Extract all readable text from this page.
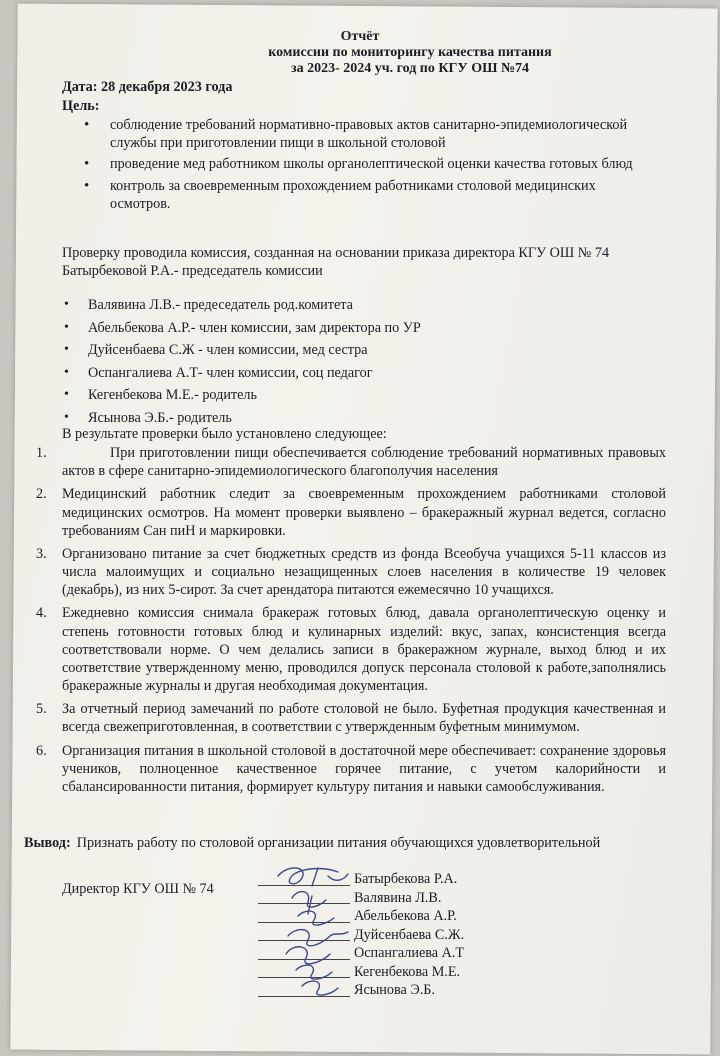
Отчёт
комиссии по мониторингу качества питания
за 2023- 2024 уч. год по КГУ ОШ №74
Дата: 28 декабря 2023 года
Цель:
• соблюдение требований нормативно-правовых актов санитарно-эпидемиологической службы при приготовлении пищи в школьной столовой
• проведение мед работником школы органолептической оценки качества готовых блюд
• контроль за своевременным прохождением работниками столовой медицинских осмотров.
Проверку проводила комиссия, созданная на основании приказа директора КГУ ОШ № 74 Батырбековой Р.А.- председатель комиссии
• Валявина Л.В.- предеседатель род.комитета
• Абельбекова А.Р.- член комиссии, зам директора по УР
• Дуйсенбаева С.Ж - член комиссии, мед сестра
• Оспангалиева А.Т- член комиссии, соц педагог
• Кегенбекова М.Е.- родитель
• Ясынова Э.Б.- родитель
В результате проверки было установлено следующее:
1.	При приготовлении пищи обеспечивается соблюдение требований нормативных правовых актов в сфере санитарно-эпидемиологического благополучия населения
2. Медицинский работник следит за своевременным прохождением работниками столовой медицинских осмотров. На момент проверки выявлено – бракеражный журнал ведется, согласно требованиям Сан пиН и маркировки.
3. Организовано питание за счет бюджетных средств из фонда Всеобуча учащихся 5-11 классов из числа малоимущих и социально незащищенных слоев населения в количестве 19 человек (декабрь), из них 5-сирот. За счет арендатора питаются ежемесячно 10 учащихся.
4. Ежедневно комиссия снимала бракераж готовых блюд, давала органолептическую оценку и степень готовности готовых блюд и кулинарных изделий: вкус, запах, консистенция всегда соответствовали норме. О чем делались записи в бракеражном журнале, выход блюд и их соответствие утвержденному меню, проводился допуск персонала столовой к работе,заполнялись бракеражные журналы и другая необходимая документация.
5. За отчетный период замечаний по работе столовой не было. Буфетная продукция качественная и всегда свежеприготовленная, в соответствии с утвержденным буфетным минимумом.
6. Организация питания в школьной столовой в достаточной мере обеспечивает: сохранение здоровья учеников, полноценное качественное горячее питание, с учетом калорийности и сбалансированности питания, формирует культуру питания и навыки самообслуживания.
Вывод: Признать работу по столовой организации питания обучающихся удовлетворительной
Директор КГУ ОШ № 74
Батырбекова Р.А.
Валявина Л.В.
Абельбекова А.Р.
Дуйсенбаева С.Ж.
Оспангалиева А.Т
Кегенбекова М.Е.
Ясынова Э.Б.
